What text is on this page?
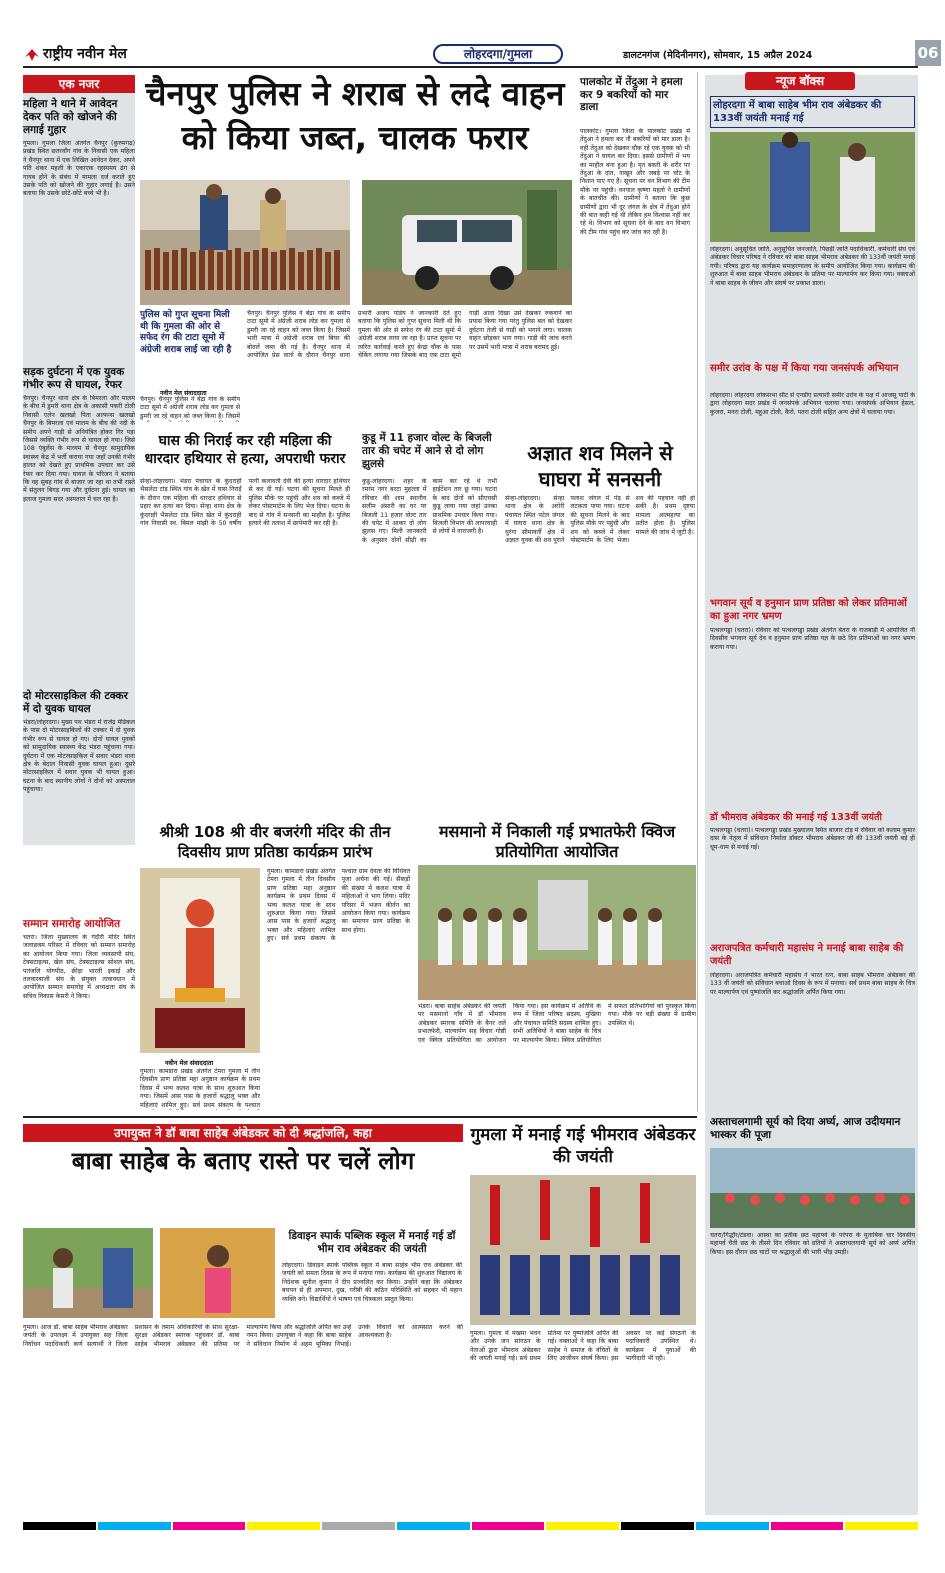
राष्ट्रीय नवीन मेल	लोहरदगा/गुमला	डालटनगंज (मेदिनीनगर), सोमवार, 15 अप्रैल 2024	06
एक नजर
महिला ने थाने में आवेदन देकर पति को खोजने की लगाई गुहार
गुमला। गुमला जिला अंतर्गत चैनपुर (कुरुमगढ़) प्रखंड स्थित छतरवाँग गांव के निवासी एक महिला ने चैनपुर थाना में एक लिखित आवेदन देकर, अपने पति शंकर महली के एकाएक रहस्यमय ढंग से गायब होने के संबंध में मामला दर्ज कराते हुए उसके पति को खोजने की गुहार लगाई है। उसने बताया कि उसके छोटे-छोटे बच्चे भी है।
सड़क दुर्घटना में एक युवक गंभीर रूप से घायल, रेफर
चैनपुर। चैनपुर थाना क्षेत्र के बिमरला और मालम के बीच में डुमरी थाना क्षेत्र के अकासी पकरी टोली निवासी एलेन खलखो पिता अल्फन्स खलखो चैनपुर के बिमरला एवं मालम के बीच की नदी के समीप अपने गाड़ी से अनियंत्रित होकर गिर पड़ा जिससे व्यक्ति गंभीर रूप से घायल हो गया। जिसे 108 एंबुलेंस के माध्यम से चैनपुर सामुदायिक स्वास्थ्य केंद्र में भर्ती कराया गया जहाँ उनकी गंभीर हालत को देखते हुए प्राथमिक उपचार कर उसे रेफर कर दिया गया। घायल के परिजन ने बताया कि वह सुबह गांव से बाजार जा रहा था तभी रास्ते में संतुलन बिगड़ गया और दुर्घटना हुई। घायल का इलाज गुमला सदर अस्पताल में चल रहा है।
दो मोटरसाइकिल की टक्कर में दो युवक घायल
भंडरा/लोहरदगा। मुख्य पथ भंडरा में राजेंद्र मेडिकल के पास दो मोटरसाइकिलों की टक्कर में दो युवक गंभीर रूप से घायल हो गए। दोनों घायल युवकों को सामुदायिक स्वास्थ्य केंद्र भंडरा पहुंचाया गया। दुर्घटना में एक मोटरसाइकिल में सवार भंडरा थाना क्षेत्र के बेदाल निवासी युवक घायल हुआ। दूसरे मोटरसाइकिल में सवार युवक भी घायल हुआ। घटना के बाद स्थानीय लोगों ने दोनों को अस्पताल पहुंचाया।
सम्मान समारोह आयोजित
चतरा। जिला मुख्यालय के गंदौरी मंदिर स्थित जलाछत्रम परिसर में रविवार को सम्मान समारोह का आयोजन किया गया। जिला व्यवसायी संघ, टेक्सटाइल्स, खेल संघ, टेक्सटाइल्स सोशल संघ, पतंजलि योगपीठ, क्रीड़ा भारती इकाई और तलवारबाजी संघ के संयुक्त तत्वावधान में आयोजित सम्मान समारोह में अध्यक्षता संघ के सचिव विकास केसरी ने किया।
चैनपुर पुलिस ने शराब से लदे वाहन को किया जब्त, चालक फरार
पुलिस को गुप्त सूचना मिली थी कि गुमला की ओर से सफेद रंग की टाटा सूमो में अंग्रेजी शराब लाई जा रही है
नवीन मेल संवाददाता
चैनपुर। चैनपुर पुलिस ने बेंद्रा गांव के समीप टाटा सूमो में अंग्रेजी शराब लोड कर गुमला से डुमरी जा रहे वाहन को जब्त किया है। जिसमें
चैनपुर। चैनपुर पुलिस ने बेंद्रा गांव के समीप टाटा सूमो में अंग्रेजी शराब लोड कर गुमला से डुमरी जा रहे वाहन को जब्त किया है। जिसमें भारी मात्रा में अंग्रेजी शराब एवं बियर की बोतलें जब्त की गई है। चैनपुर थाना में आयोजित प्रेस वार्ता के दौरान चैनपुर थाना प्रभारी अजय पांडेय ने जानकारी देते हुए बताया कि पुलिस को गुप्त सूचना मिली थी कि गुमला की ओर से सफेद रंग की टाटा सूमो में अंग्रेजी शराब लाया जा रहा है। प्राप्त सूचना पर त्वरित कार्रवाई करते हुए बेन्द्रा चौक के पास चेकिंग लगाया गया जिसके बाद एक टाटा सूमो गाड़ी आता दिखा उसे देखकर रुकवाने का प्रयास किया गया परंतु पुलिस बल को देखकर दुर्घटना तेजी से गाड़ी को भगाने लगा। चालक वाहन छोड़कर भाग गया। गाड़ी की जांच करने पर उसमें भारी मात्रा में शराब बरामद हुई।
पालकोट में तेंदुआ ने हमला कर 9 बकरियों को मार डाला
पालकोट। गुमला जिला के पालकोट प्रखंड में तेंदुआ ने हमला कर नौ बकरियों को मार डाला है। वही तेंदुआ को देखकर चौक रहे एक युवक को भी तेंदुआ ने घायल कर दिया। इससे ग्रामीणों में भय का माहौल बना हुआ है। मृत बकरी के शरीर पर तेंदुआ के दांत, नाखून और जबड़े पर चोट के निशान पाए गए हैं। सूचना पर वन विभाग की टीम मौके पर पहुंची। वनपाल कृष्णा महतो ने ग्रामीणों के बातचीत की। ग्रामीणों ने बताया कि कुछ ग्रामीणों द्वारा भी दूर जंगल के क्षेत्र में तेंदुआ होने की बात कही गई थी लेकिन हम विश्वास नहीं कर रहे थे। विभाग को सूचना देने के बाद वन विभाग की टीम गांव पहुंच कर जांच कर रही है।
घास की निराई कर रही महिला की धारदार हथियार से हत्या, अपराधी फरार
सेन्हा-लोहरदगा। भंडरा पंचायत के कुंदराही भैसलेटा टांड़ स्थित गांव के खेत में घास निराई के दौरान एक महिला की धारदार हथियार से प्रहार कर हत्या कर दिया। सेन्हा थाना क्षेत्र के कुंदराही भैसलेटा टांड़ स्थित खेत में कुंदराही गांव निवासी स्व. बिमल मांझी के 50 वर्षीय पत्नी कलावती देवी की हत्या धारदार हथियार से कर दी गई। घटना की सूचना मिलते ही पुलिस मौके पर पहुंची और शव को कब्जे में लेकर पोस्टमार्टम के लिए भेज दिया। घटना के बाद से गांव में सनसनी का माहौल है। पुलिस हत्यारे की तलाश में छापेमारी कर रही है।
कुडू में 11 हजार वोल्ट के बिजली तार की चपेट में आने से दो लोग झुलसे
कुडू-लोहरदगा। शहर के रमरम नगर बरटा मुहल्ला में रविवार की शाम स्थानीय सलीम अंसारी का घर पर बिजली 11 हजार वोल्ट तार की चपेट में आकर दो लोग झुलस गए। मिली जानकारी के अनुसार दोनों सीढ़ी का काम कर रहे थे तभी हाईटेंशन तार छू गया। घटना के बाद दोनों को सीएचसी कुडू लाया गया जहां उनका प्राथमिक उपचार किया गया। बिजली विभाग की लापरवाही से लोगों में नाराजगी है।
अज्ञात शव मिलने से घाघरा में सनसनी
सेन्हा-लोहरदगा। सेन्हा थाना क्षेत्र के अरोरी पंचायत स्थित पटेल जंगल में घाघरा थाना क्षेत्र के धुरंगा सीमावर्ती क्षेत्र में अज्ञात युवक की शव पुराने पलाश जंगल में पेड़ से लटकता पाया गया। घटना की सूचना मिलने के बाद पुलिस मौके पर पहुंची और शव को कब्जे में लेकर पोस्टमार्टम के लिए भेजा। शव की पहचान नहीं हो सकी है। प्रथम दृष्टया मामला आत्महत्या का प्रतीत होता है। पुलिस मामले की जांच में जुटी है।
श्रीश्री 108 श्री वीर बजरंगी मंदिर की तीन दिवसीय प्राण प्रतिष्ठा कार्यक्रम प्रारंभ
नवीन मेल संवाददाता
गुमला। कामडारा प्रखंड अंतर्गत टेमरा गुमला में तीन दिवसीय प्राण प्रतिष्ठा महा अनुष्ठान कार्यक्रम के प्रथम दिवस में भव्य कलश यात्रा के साथ शुरुआत किया गया। जिसमें आस पास के हजारों श्रद्धालु भक्त और महिलाएं शामिल हुए। सर्व प्रथम संकल्प के पश्चात
गुमला। कामडारा प्रखंड अंतर्गत टेमरा गुमला में तीन दिवसीय प्राण प्रतिष्ठा महा अनुष्ठान कार्यक्रम के प्रथम दिवस में भव्य कलश यात्रा के साथ शुरुआत किया गया। जिसमें आस पास के हजारों श्रद्धालु भक्त और महिलाएं शामिल हुए। सर्व प्रथम संकल्प के पश्चात ग्राम देवता की विधिवत पूजा अर्चना की गई। सैकड़ों की संख्या में कलश यात्रा में महिलाओं ने भाग लिया। मंदिर परिसर में भजन कीर्तन का आयोजन किया गया। कार्यक्रम का समापन प्राण प्रतिष्ठा के साथ होगा।
मसमानो में निकाली गई प्रभातफेरी क्विज प्रतियोगिता आयोजित
भंडरा। बाबा साहेब अंबेडकर की जयंती पर मसमानो गाँव में डॉ भीमराव अंबेडकर स्मारक समिति के बैनर तले प्रभातफेरी, माल्यार्पण सह विचार गोष्ठी एवं क्विज प्रतियोगिता का आयोजन किया गया। इस कार्यक्रम में अतिथि के रूप में जिला परिषद सदस्य, मुखिया और पंचायत समिति सदस्य शामिल हुए। सभी अतिथियों ने बाबा साहेब के चित्र पर माल्यार्पण किया। क्विज प्रतियोगिता में सफल प्रतिभागियों को पुरस्कृत किया गया। मौके पर बड़ी संख्या में ग्रामीण उपस्थित थे।
उपायुक्त ने डॉ बाबा साहेब अंबेडकर को दी श्रद्धांजलि, कहा
बाबा साहेब के बताए रास्ते पर चलें लोग
गुमला। आज डॉ. बाबा साहेब भीमराव अंबेडकर जयंती के उपलक्ष्य में उपायुक्त सह जिला निर्वाचन पदाधिकारी कर्ण सत्यार्थी ने जिला प्रशासन के तमाम अधिकारियों के साथ सुरक्षा-सुरक्षा अंबेडकर स्मारक पहुंचकर डॉ. बाबा साहेब भीमराव अंबेडकर की प्रतिमा पर माल्यार्पण किया और श्रद्धांजलि अर्पित कर उन्हें नमन किया। उपायुक्त ने कहा कि बाबा साहेब ने संविधान निर्माण में अहम भूमिका निभाई। उनके विचारों को आत्मसात करने की आवश्यकता है।
डिवाइन स्पार्क पब्लिक स्कूल में मनाई गई डॉ भीम राव अंबेडकर की जयंती
लोहरदगा। डिवाइन स्पार्क पब्लिक स्कूल में बाबा साहेब भीम राव अंबेडकर की जयंती को समता दिवस के रूप में मनाया गया। कार्यक्रम की शुरुआत विद्यालय के निदेशक सुनील कुमार ने दीप प्रज्वलित कर किया। उन्होंने कहा कि अंबेडकर बचपन से ही अपमान, दुख, गरीबी की कठिन परिस्थिति को सहकर भी महान व्यक्ति बने। विद्यार्थियों ने भाषण एवं चित्रकला प्रस्तुत किया।
गुमला में मनाई गई भीमराव अंबेडकर की जयंती
गुमला। गुमला में मखमा भवन और उनके जन सांगठन के नेताओं द्वारा भीमराव अंबेडकर की जयंती मनाई गई। सर्व प्रथम प्रतिमा पर पुष्पांजलि अर्पित की गई। वक्ताओं ने कहा कि बाबा साहेब ने समाज के वंचितों के लिए आजीवन संघर्ष किया। इस अवसर पर कई संगठनों के पदाधिकारी उपस्थित थे। कार्यक्रम में युवाओं की भागीदारी भी रही।
न्यूज बॉक्स
लोहरदगा में बाबा साहेब भीम राव अंबेडकर की 133वीं जयंती मनाई गई
लोहरदगा। अनुसूचित जाति, अनुसूचित जनजाति, पिछड़ी जाति पदाधिकारी, कर्मचारी संघ एवं अंबेडकर विचार परिषद ने रविवार को बाबा साहब भीमराव अंबेडकर की 133वीं जयंती मनाई गयी। परिषद द्वारा यह कार्यक्रम समाहरणालय के समीप आयोजित किया गया। कार्यक्रम की शुरुआत में बाबा साहब भीमराव अंबेडकर के प्रतिमा पर माल्यार्पण कर किया गया। वक्ताओं ने बाबा साहब के जीवन और संघर्ष पर प्रकाश डाला।
समीर उरांव के पक्ष में किया गया जनसंपर्क अभियान
लोहरदगा। लोहरदगा लोकसभा सीट से एनडीए प्रत्याशी समीर उरांव के पक्ष में आजसू पार्टी के द्वारा लोहरदगा सदर प्रखंड में जनसंपर्क अभियान चलाया गया। जनसंपर्क अभियान हेसल, कुजरा, मनरा टोली, महुआ टोली, कैरो, पतरा टोली सहित अन्य क्षेत्रों में चलाया गया।
भगवान सूर्य व हनुमान प्राण प्रतिष्ठा को लेकर प्रतिमाओं का हुआ नगर भ्रमण
पत्थलगड्डा (चतरा)। रविवार को पत्थलगड्डा प्रखंड अंतर्गत बेतरा के राजबाड़ी में आयोजित नौ दिवसीय भगवान सूर्य देव व हनुमान प्राण प्रतिष्ठा यज्ञ के छठे दिन प्रतिमाओं का नगर भ्रमण कराया गया।
डॉ भीमराव अंबेडकर की मनाई गई 133वीं जयंती
पत्थलगड्डा (चतरा)। पत्थलगड्डा प्रखंड मुख्यालय स्थित बाजार टांड़ में रविवार को कलाम कुमार दास के नेतृत्व में संविधान निर्माता डॉक्टर भीमराव अंबेडकर जी की 133वीं जयंती बड़े ही धूम-धाम से मनाई गई।
अराजपत्रित कर्मचारी महासंघ ने मनाई बाबा साहेब की जयंती
लोहरदगा। अराजपत्रित कर्मचारी महासंघ ने भारत रत्न, बाबा साहब भीमराव अंबेडकर की 133 वीं जयंती को संविधान बचाओ दिवस के रूप में मनाया। सर्व प्रथम बाबा साहब के चित्र पर माल्यार्पण एवं पुष्पांजलि कर श्रद्धांजलि अर्पित किया गया।
अस्ताचलगामी सूर्य को दिया अर्घ्य, आज उदीयमान भास्कर की पूजा
चतरा/गिद्धौर/टंडवा। आस्था का प्रतीक छठ महापर्व के परंपरा के मुताबिक चार दिवसीय महापर्व चैती छठ के तीसरे दिन रविवार को व्रतियों ने अस्ताचलगामी सूर्य को अर्घ्य अर्पित किया। इस दौरान छठ घाटों पर श्रद्धालुओं की भारी भीड़ उमड़ी।
